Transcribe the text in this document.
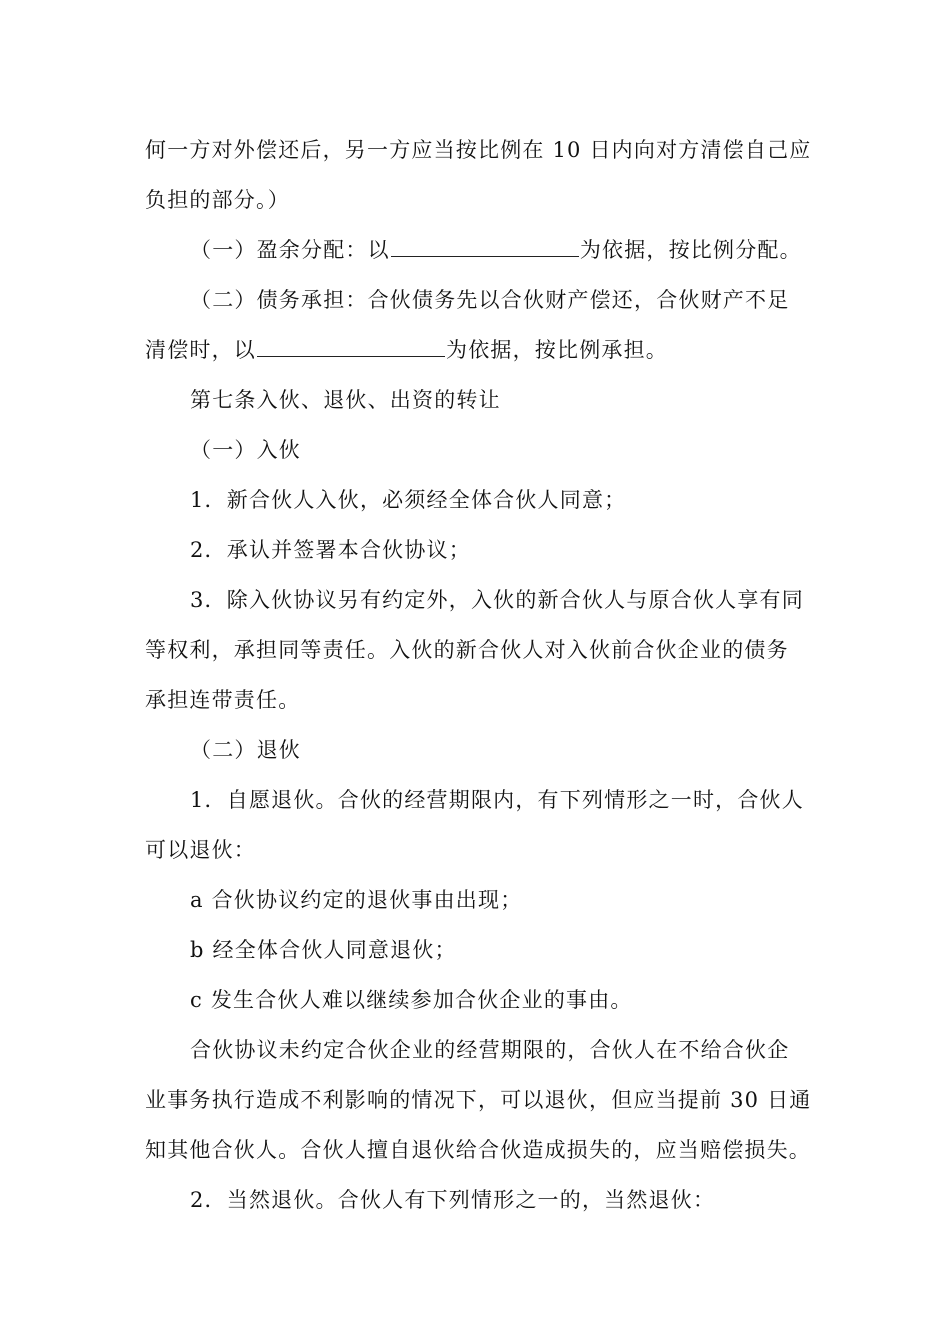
何一方对外偿还后，另一方应当按比例在 10 日内向对方清偿自己应
负担的部分。）
（一）盈余分配：以	为依据，按比例分配。
（二）债务承担：合伙债务先以合伙财产偿还，合伙财产不足
清偿时，以	为依据，按比例承担。
第七条入伙、退伙、出资的转让
（一）入伙
1．新合伙人入伙，必须经全体合伙人同意；
2．承认并签署本合伙协议；
3．除入伙协议另有约定外，入伙的新合伙人与原合伙人享有同
等权利，承担同等责任。入伙的新合伙人对入伙前合伙企业的债务
承担连带责任。
（二）退伙
1．自愿退伙。合伙的经营期限内，有下列情形之一时，合伙人
可以退伙：
a 合伙协议约定的退伙事由出现；
b 经全体合伙人同意退伙；
c 发生合伙人难以继续参加合伙企业的事由。
合伙协议未约定合伙企业的经营期限的，合伙人在不给合伙企
业事务执行造成不利影响的情况下，可以退伙，但应当提前 30 日通
知其他合伙人。合伙人擅自退伙给合伙造成损失的，应当赔偿损失。
2．当然退伙。合伙人有下列情形之一的，当然退伙：
